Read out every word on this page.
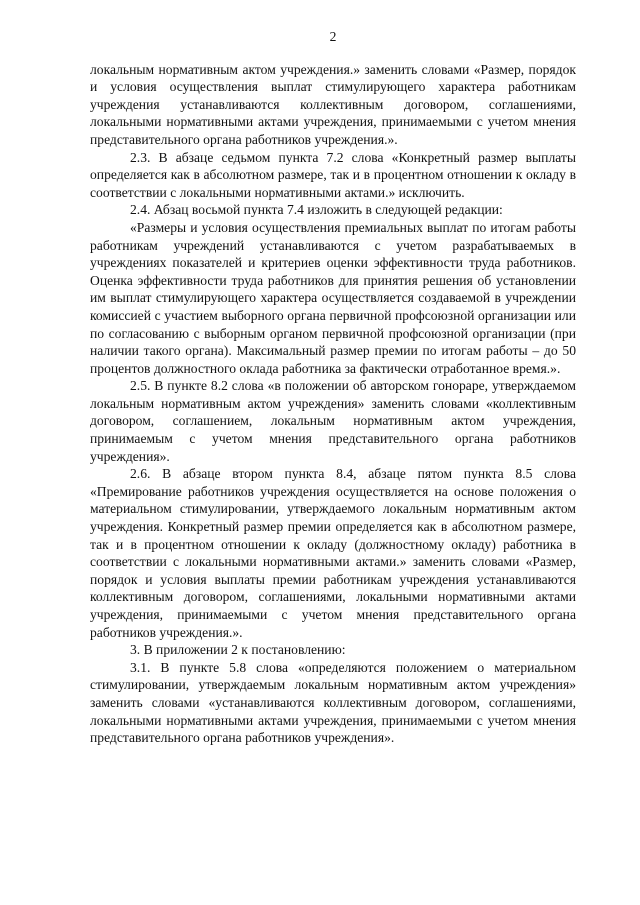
2

локальным нормативным актом учреждения.» заменить словами «Размер, порядок и условия осуществления выплат стимулирующего характера работникам учреждения устанавливаются коллективным договором, соглашениями, локальными нормативными актами учреждения, принимаемыми с учетом мнения представительного органа работников учреждения.».

2.3. В абзаце седьмом пункта 7.2 слова «Конкретный размер выплаты определяется как в абсолютном размере, так и в процентном отношении к окладу в соответствии с локальными нормативными актами.» исключить.

2.4. Абзац восьмой пункта 7.4 изложить в следующей редакции:

«Размеры и условия осуществления премиальных выплат по итогам работы работникам учреждений устанавливаются с учетом разрабатываемых в учреждениях показателей и критериев оценки эффективности труда работников. Оценка эффективности труда работников для принятия решения об установлении им выплат стимулирующего характера осуществляется создаваемой в учреждении комиссией с участием выборного органа первичной профсоюзной организации или по согласованию с выборным органом первичной профсоюзной организации (при наличии такого органа). Максимальный размер премии по итогам работы – до 50 процентов должностного оклада работника за фактически отработанное время.».

2.5. В пункте 8.2 слова «в положении об авторском гонораре, утверждаемом локальным нормативным актом учреждения» заменить словами «коллективным договором, соглашением, локальным нормативным актом учреждения, принимаемым с учетом мнения представительного органа работников учреждения».

2.6. В абзаце втором пункта 8.4, абзаце пятом пункта 8.5 слова «Премирование работников учреждения осуществляется на основе положения о материальном стимулировании, утверждаемого локальным нормативным актом учреждения. Конкретный размер премии определяется как в абсолютном размере, так и в процентном отношении к окладу (должностному окладу) работника в соответствии с локальными нормативными актами.» заменить словами «Размер, порядок и условия выплаты премии работникам учреждения устанавливаются коллективным договором, соглашениями, локальными нормативными актами учреждения, принимаемыми с учетом мнения представительного органа работников учреждения.».

3. В приложении 2 к постановлению:

3.1. В пункте 5.8 слова «определяются положением о материальном стимулировании, утверждаемым локальным нормативным актом учреждения» заменить словами «устанавливаются коллективным договором, соглашениями, локальными нормативными актами учреждения, принимаемыми с учетом мнения представительного органа работников учреждения».
